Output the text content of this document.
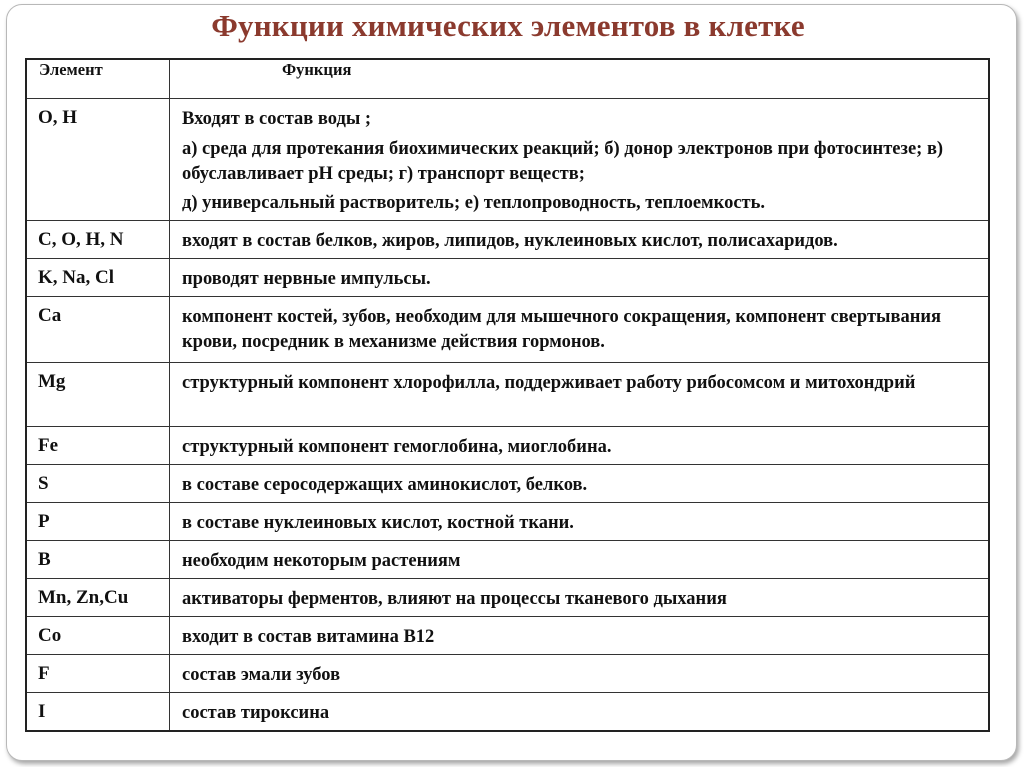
Функции химических элементов в клетке
Элемент	Функция
O, H	Входят в состав воды ;
а) среда для протекания биохимических реакций; б) донор электронов при фотосинтезе; в) обуславливает pH среды; г) транспорт веществ;
д) универсальный растворитель; е) теплопроводность, теплоемкость.

C, O, H, N	входят в состав белков, жиров, липидов, нуклеиновых кислот, полисахаридов.
K, Na, Cl	проводят нервные импульсы.
Ca	компонент костей, зубов, необходим для мышечного сокращения, компонент свертывания крови, посредник в механизме действия гормонов.
Mg	структурный компонент хлорофилла, поддерживает работу рибосомсом и митохондрий
Fe	структурный компонент гемоглобина, миоглобина.
S	в составе серосодержащих аминокислот, белков.
P	в составе нуклеиновых кислот, костной ткани.
B	необходим некоторым растениям
Mn, Zn,Cu	активаторы ферментов, влияют на процессы тканевого дыхания
Co	входит в состав витамина В12
F	состав эмали зубов
I	состав тироксина
